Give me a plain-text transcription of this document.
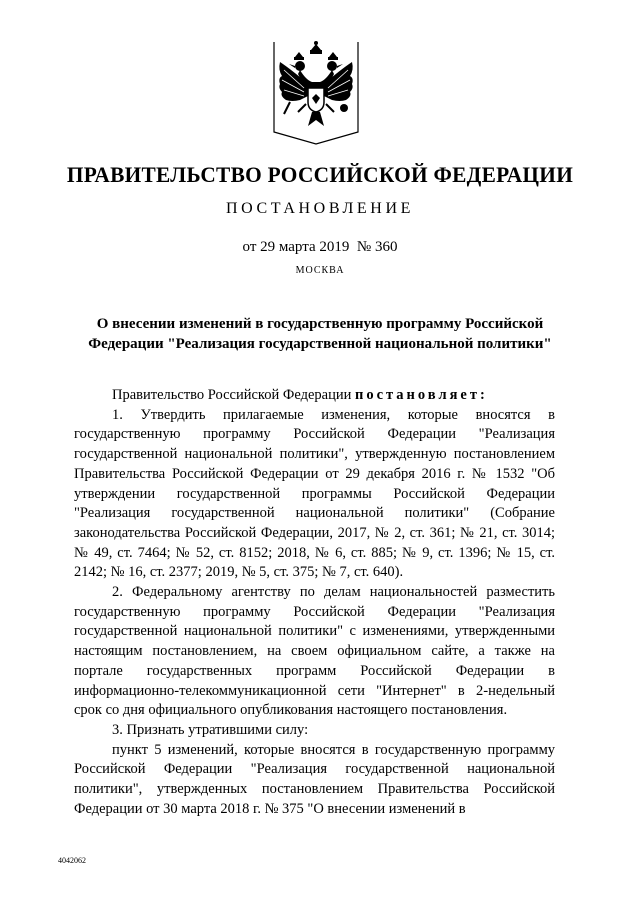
ПРАВИТЕЛЬСТВО РОССИЙСКОЙ ФЕДЕРАЦИИ
ПОСТАНОВЛЕНИЕ
от 29 марта 2019  № 360
МОСКВА
О внесении изменений в государственную программу Российской
Федерации "Реализация государственной национальной политики"

Правительство Российской Федерации постановляет:

1. Утвердить прилагаемые изменения, которые вносятся в государственную программу Российской Федерации "Реализация государственной национальной политики", утвержденную постановлением Правительства Российской Федерации от 29 декабря 2016 г. № 1532 "Об утверждении государственной программы Российской Федерации "Реализация государственной национальной политики" (Собрание законодательства Российской Федерации, 2017, № 2, ст. 361; № 21, ст. 3014; № 49, ст. 7464; № 52, ст. 8152; 2018, № 6, ст. 885; № 9, ст. 1396; № 15, ст. 2142; № 16, ст. 2377; 2019, № 5, ст. 375; № 7, ст. 640).

2. Федеральному агентству по делам национальностей разместить государственную программу Российской Федерации "Реализация государственной национальной политики" с изменениями, утвержденными настоящим постановлением, на своем официальном сайте, а также на портале государственных программ Российской Федерации в информационно-телекоммуникационной сети "Интернет" в 2-недельный срок со дня официального опубликования настоящего постановления.

3. Признать утратившими силу:

пункт 5 изменений, которые вносятся в государственную программу Российской Федерации "Реализация государственной национальной политики", утвержденных постановлением Правительства Российской Федерации от 30 марта 2018 г. № 375 "О внесении изменений в

4042062
